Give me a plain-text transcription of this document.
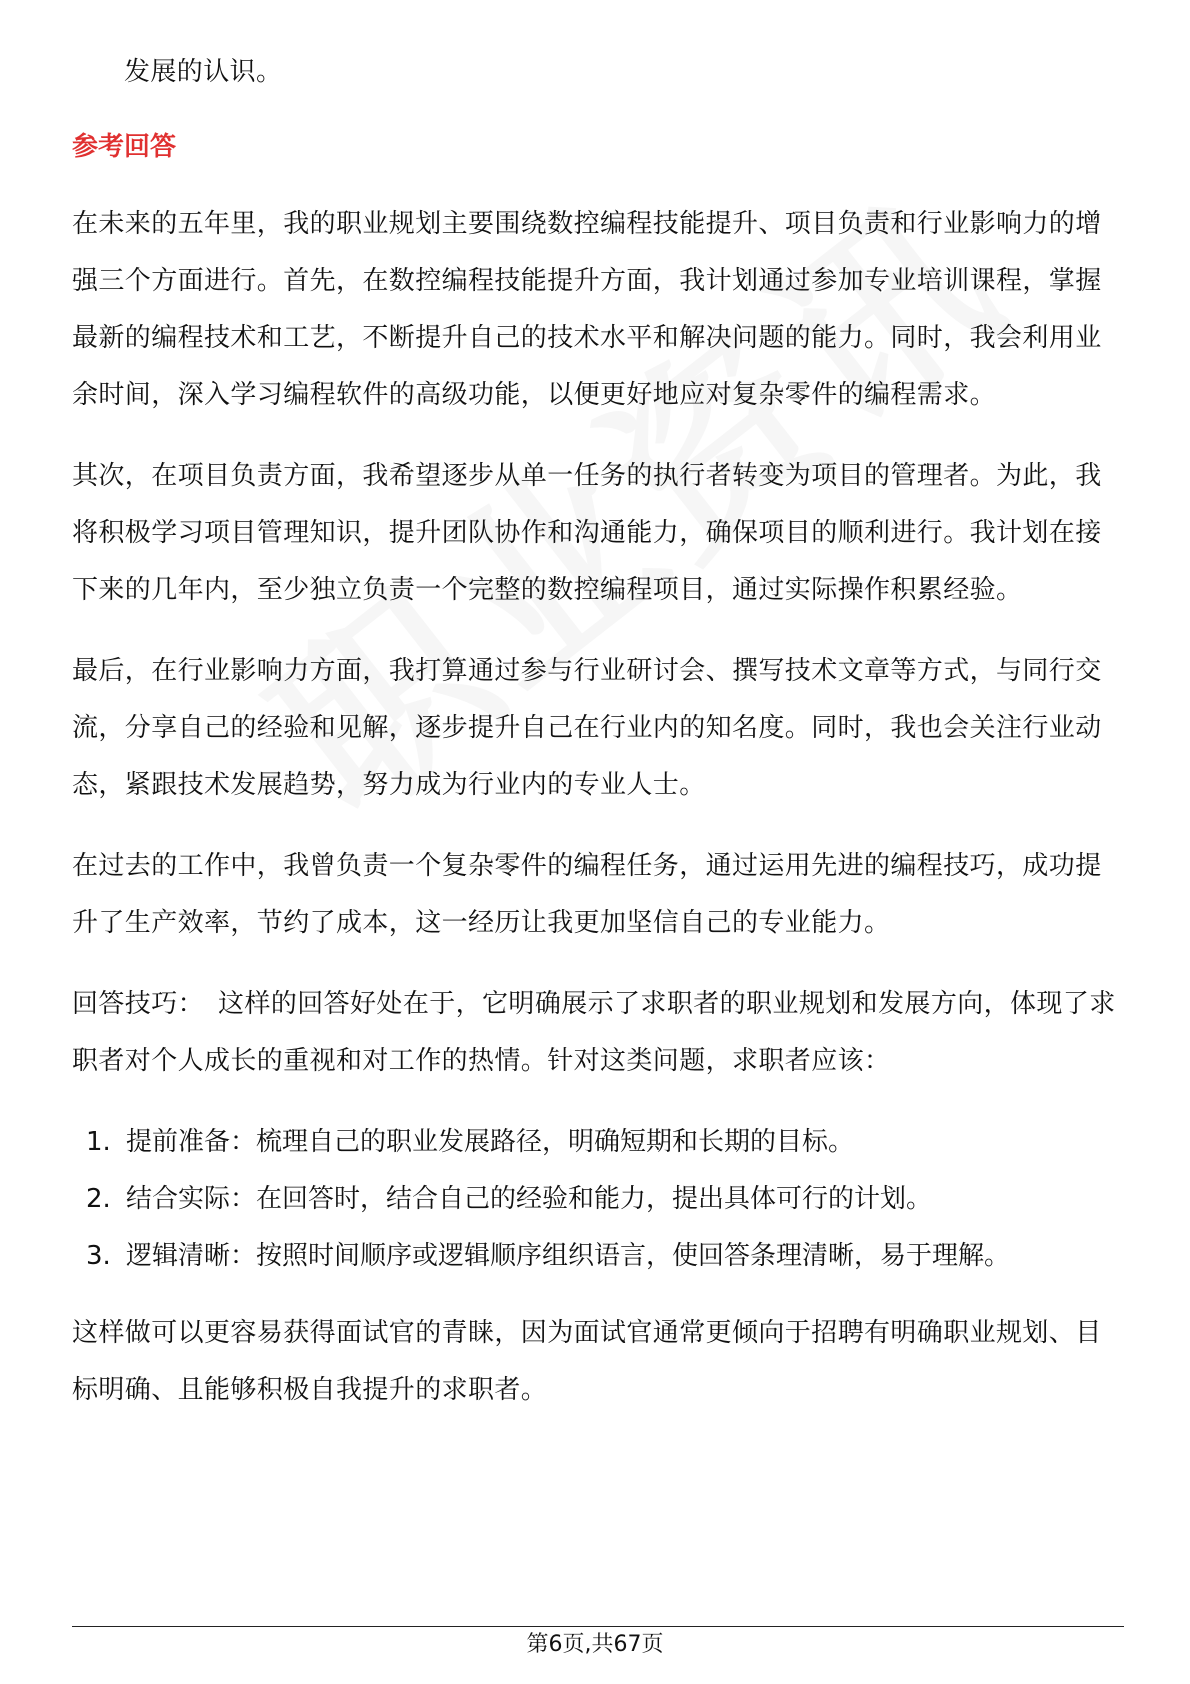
发展的认识。

参考回答

在未来的五年里，我的职业规划主要围绕数控编程技能提升、项目负责和行业影响力的增强三个方面进行。首先，在数控编程技能提升方面，我计划通过参加专业培训课程，掌握最新的编程技术和工艺，不断提升自己的技术水平和解决问题的能力。同时，我会利用业余时间，深入学习编程软件的高级功能，以便更好地应对复杂零件的编程需求。

其次，在项目负责方面，我希望逐步从单一任务的执行者转变为项目的管理者。为此，我将积极学习项目管理知识，提升团队协作和沟通能力，确保项目的顺利进行。我计划在接下来的几年内，至少独立负责一个完整的数控编程项目，通过实际操作积累经验。

最后，在行业影响力方面，我打算通过参与行业研讨会、撰写技术文章等方式，与同行交流，分享自己的经验和见解，逐步提升自己在行业内的知名度。同时，我也会关注行业动态，紧跟技术发展趋势，努力成为行业内的专业人士。

在过去的工作中，我曾负责一个复杂零件的编程任务，通过运用先进的编程技巧，成功提升了生产效率，节约了成本，这一经历让我更加坚信自己的专业能力。

回答技巧： 这样的回答好处在于，它明确展示了求职者的职业规划和发展方向，体现了求职者对个人成长的重视和对工作的热情。针对这类问题，求职者应该：

1. 提前准备：梳理自己的职业发展路径，明确短期和长期的目标。
2. 结合实际：在回答时，结合自己的经验和能力，提出具体可行的计划。
3. 逻辑清晰：按照时间顺序或逻辑顺序组织语言，使回答条理清晰，易于理解。

这样做可以更容易获得面试官的青睐，因为面试官通常更倾向于招聘有明确职业规划、目标明确、且能够积极自我提升的求职者。

第6页,共67页
